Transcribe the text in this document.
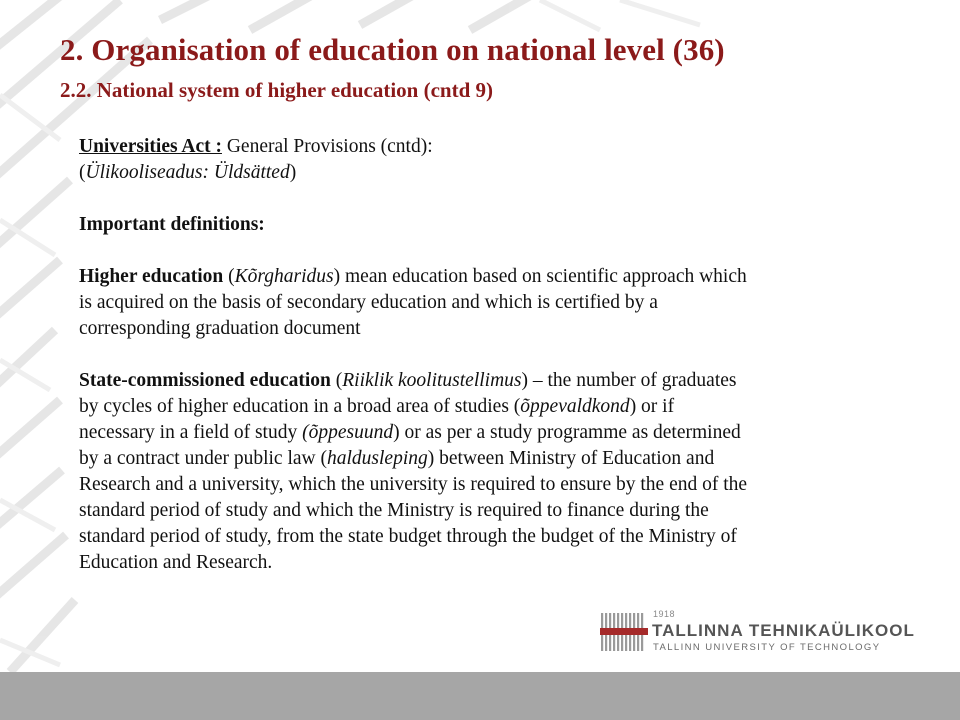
2. Organisation of education on national level (36)
2.2. National system of higher education (cntd 9)
Universities Act : General Provisions (cntd):
(Ülikooliseadus: Üldsätted)
Important definitions:
Higher education (Kõrgharidus) mean education based on scientific approach which
is acquired on the basis of secondary education and which is certified by a
corresponding graduation document
State-commissioned education (Riiklik koolitustellimus) – the number of graduates
by cycles of higher education in a broad area of studies (õppevaldkond) or if
necessary in a field of study (õppesuund) or as per a study programme as determined
by a contract under public law (haldusleping) between Ministry of Education and
Research and a university, which the university is required to ensure by the end of the
standard period of study and which the Ministry is required to finance during the
standard period of study, from the state budget through the budget of the Ministry of
Education and Research.
1918
TALLINNA TEHNIKAÜLIKOOL
TALLINN UNIVERSITY OF TECHNOLOGY
